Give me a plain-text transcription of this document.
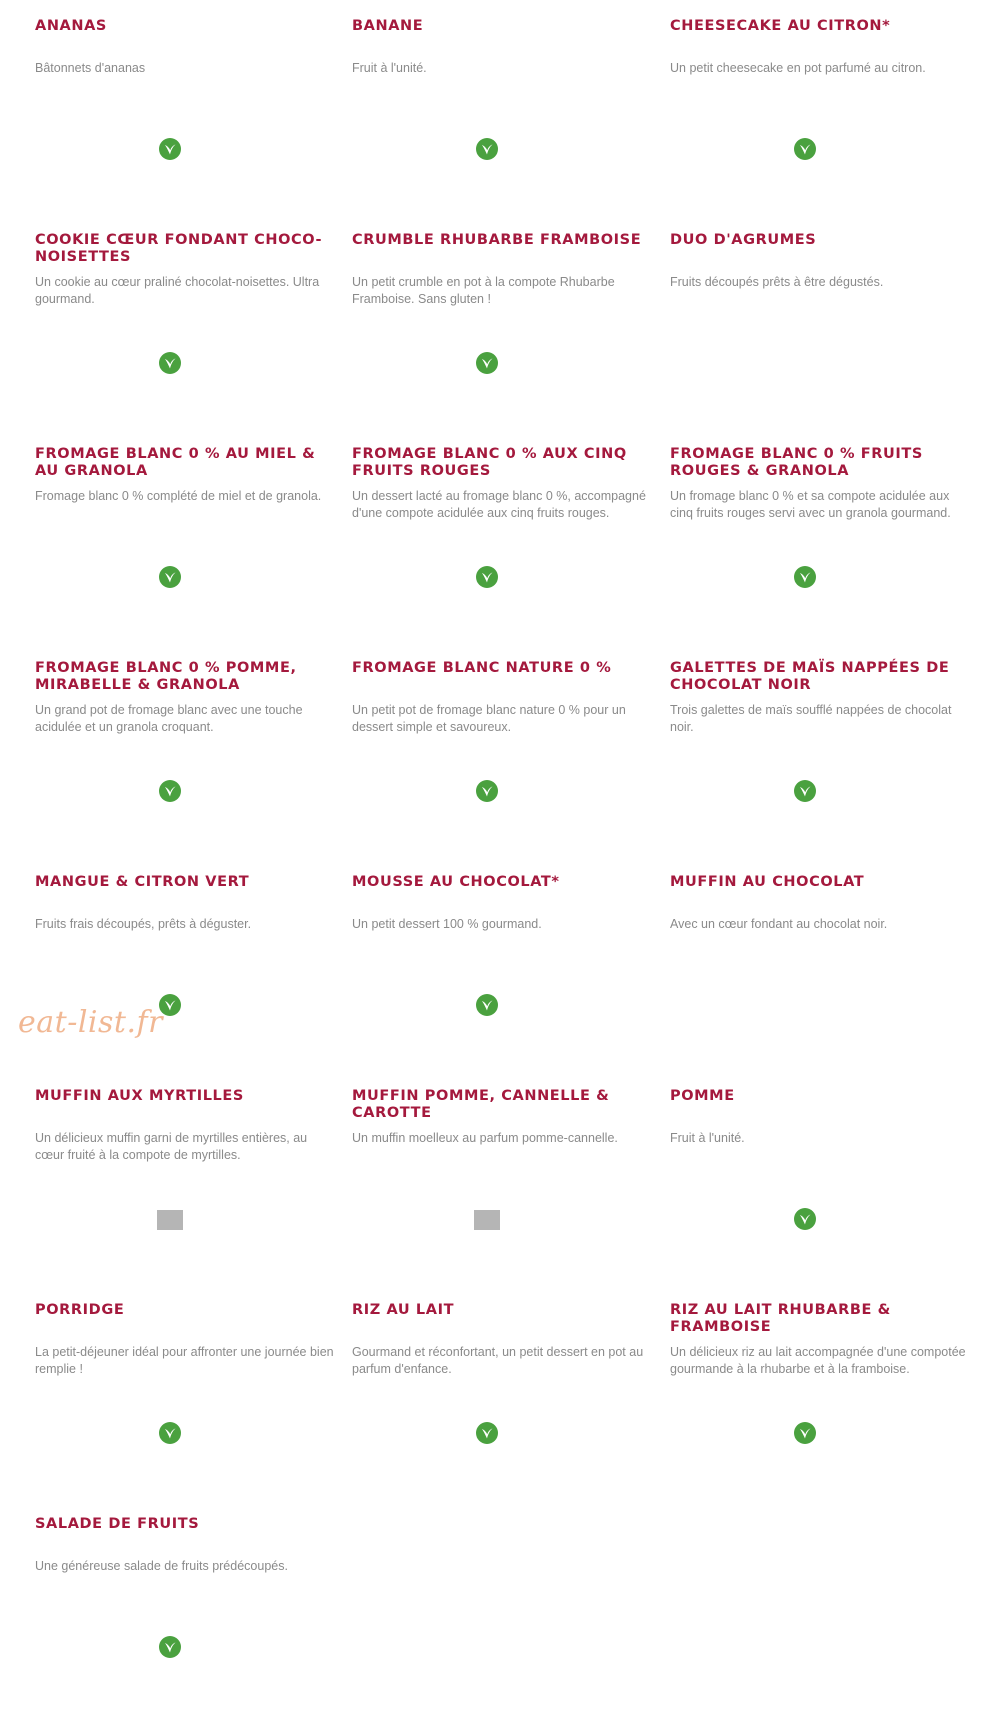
ANANAS

Bâtonnets d'ananas

BANANE

Fruit à l'unité.

CHEESECAKE AU CITRON*

Un petit cheesecake en pot parfumé au citron.

COOKIE CŒUR FONDANT CHOCO-NOISETTES

Un cookie au cœur praliné chocolat-noisettes. Ultra gourmand.

CRUMBLE RHUBARBE FRAMBOISE

Un petit crumble en pot à la compote Rhubarbe Framboise. Sans gluten !

DUO D'AGRUMES

Fruits découpés prêts à être dégustés.

FROMAGE BLANC 0 % AU MIEL & AU GRANOLA

Fromage blanc 0 % complété de miel et de granola.

FROMAGE BLANC 0 % AUX CINQ FRUITS ROUGES

Un dessert lacté au fromage blanc 0 %, accompagné d'une compote acidulée aux cinq fruits rouges.

FROMAGE BLANC 0 % FRUITS ROUGES & GRANOLA

Un fromage blanc 0 % et sa compote acidulée aux cinq fruits rouges servi avec un granola gourmand.

FROMAGE BLANC 0 % POMME, MIRABELLE & GRANOLA

Un grand pot de fromage blanc avec une touche acidulée et un granola croquant.

FROMAGE BLANC NATURE 0 %

Un petit pot de fromage blanc nature 0 % pour un dessert simple et savoureux.

GALETTES DE MAÏS NAPPÉES DE CHOCOLAT NOIR

Trois galettes de maïs soufflé nappées de chocolat noir.

MANGUE & CITRON VERT

Fruits frais découpés, prêts à déguster.

MOUSSE AU CHOCOLAT*

Un petit dessert 100 % gourmand.

MUFFIN AU CHOCOLAT

Avec un cœur fondant au chocolat noir.

MUFFIN AUX MYRTILLES

Un délicieux muffin garni de myrtilles entières, au cœur fruité à la compote de myrtilles.

MUFFIN POMME, CANNELLE & CAROTTE

Un muffin moelleux au parfum pomme-cannelle.

POMME

Fruit à l'unité.

PORRIDGE

La petit-déjeuner idéal pour affronter une journée bien remplie !

RIZ AU LAIT

Gourmand et réconfortant, un petit dessert en pot au parfum d'enfance.

RIZ AU LAIT RHUBARBE & FRAMBOISE

Un délicieux riz au lait accompagnée d'une compotée gourmande à la rhubarbe et à la framboise.

SALADE DE FRUITS

Une généreuse salade de fruits prédécoupés.

eat-list.fr
